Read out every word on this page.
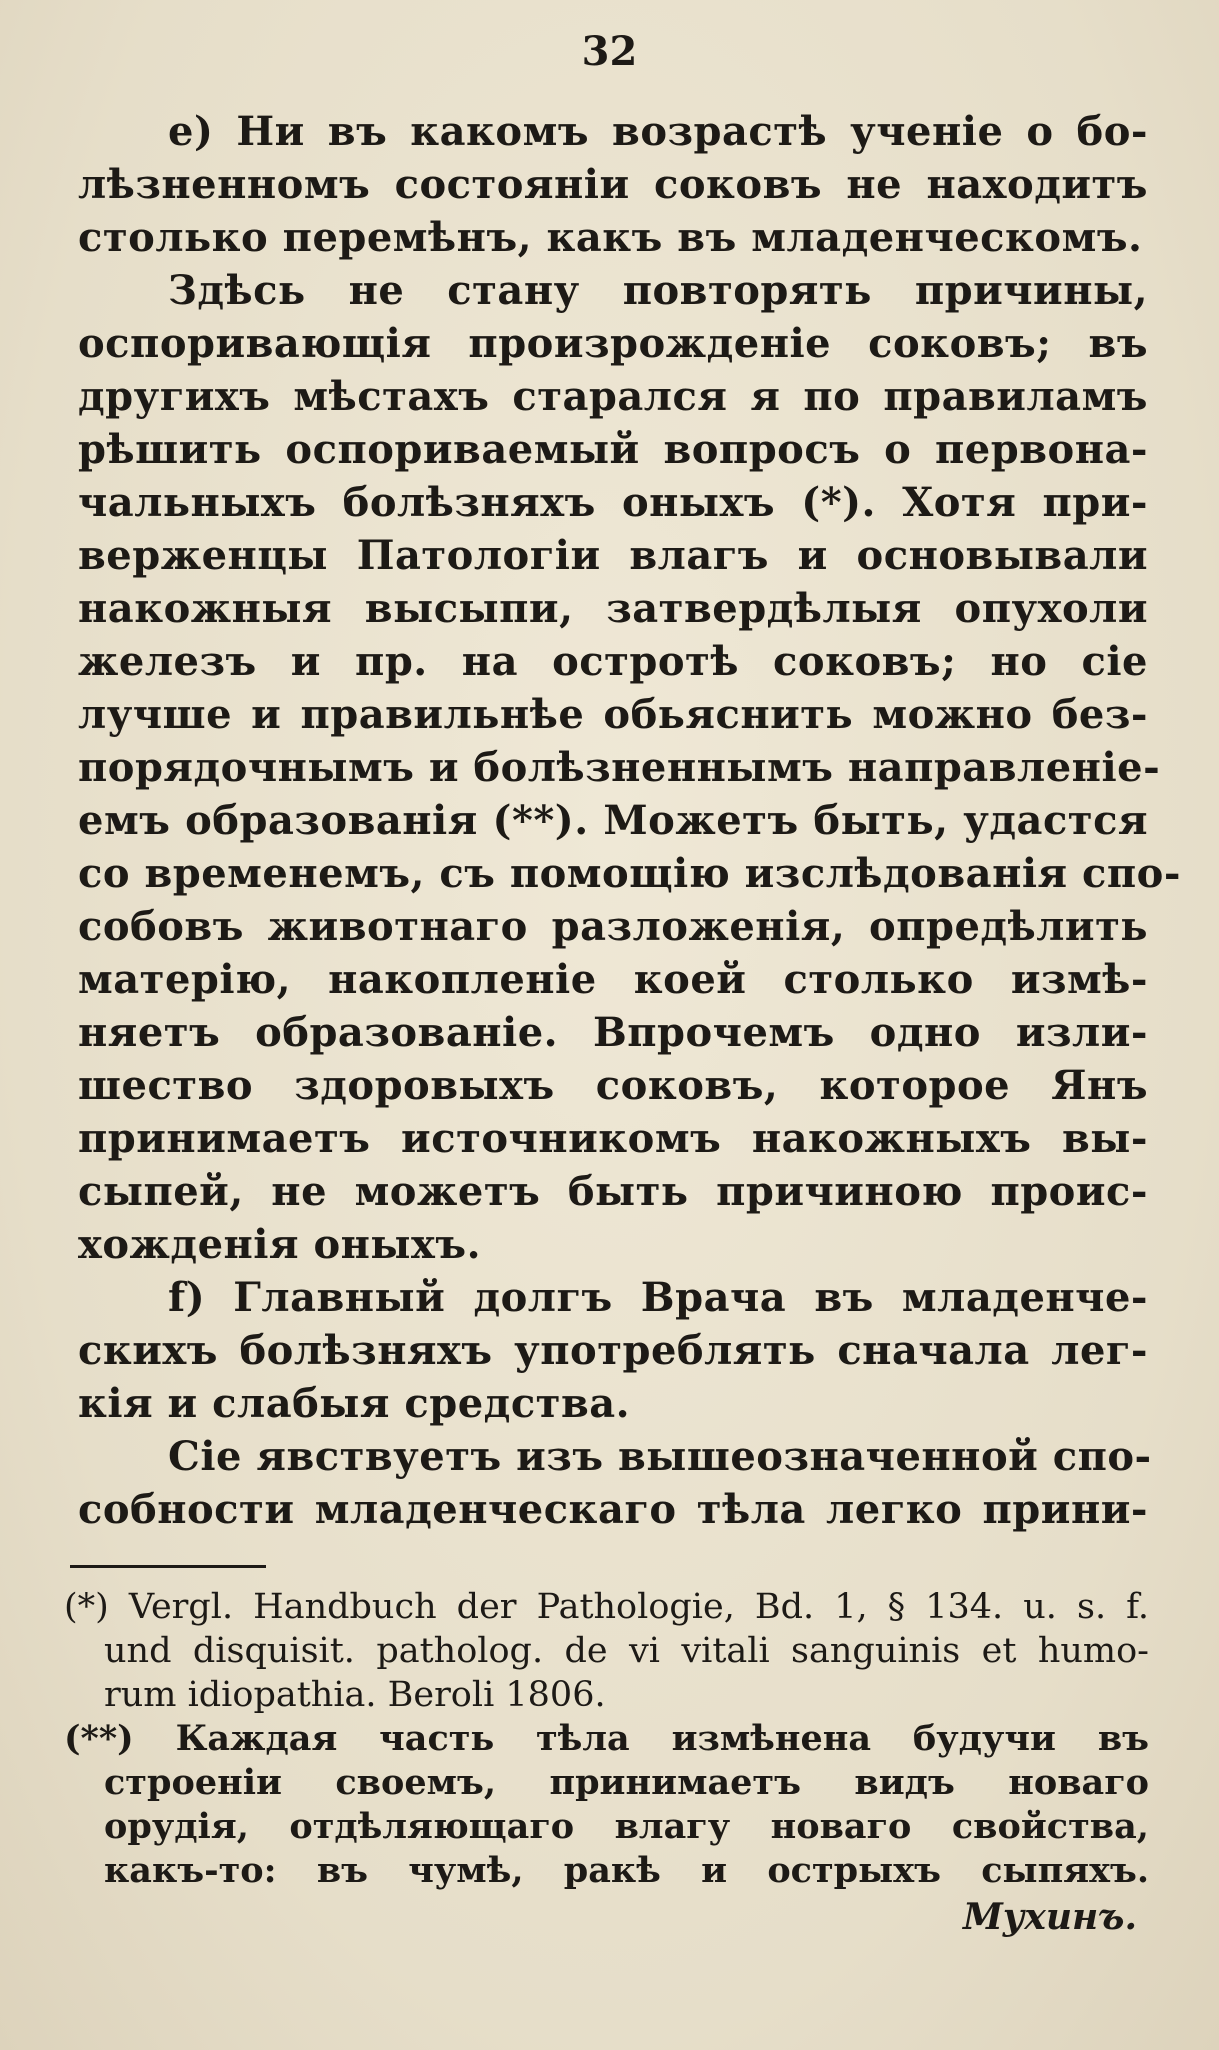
32
e) Ни въ какомъ возрастѣ ученіе о бо-
лѣзненномъ состояніи соковъ не находитъ
столько перемѣнъ, какъ въ младенческомъ.
Здѣсь не стану повторять причины,
оспоривающія произрожденіе соковъ; въ
другихъ мѣстахъ старался я по правиламъ
рѣшить оспориваемый вопросъ о первона-
чальныхъ болѣзняхъ оныхъ (*). Хотя при-
верженцы Патологіи влагъ и основывали
накожныя высыпи, затвердѣлыя опухоли
железъ и пр. на остротѣ соковъ; но сіе
лучше и правильнѣе обьяснить можно без-
порядочнымъ и болѣзненнымъ направленіе-
емъ образованія (**). Можетъ быть, удастся
со временемъ, съ помощію изслѣдованія спо-
собовъ животнаго разложенія, опредѣлить
матерію, накопленіе коей столько измѣ-
няетъ образованіе. Впрочемъ одно изли-
шество здоровыхъ соковъ, которое Янъ
принимаетъ источникомъ накожныхъ вы-
сыпей, не можетъ быть причиною проис-
хожденія оныхъ.
f) Главный долгъ Врача въ младенче-
скихъ болѣзняхъ употреблять сначала лег-
кія и слабыя средства.
Сіе явствуетъ изъ вышеозначенной спо-
собности младенческаго тѣла легко прини-
(*) Vergl. Handbuch der Pathologie, Bd. 1, § 134. u. s. f.
und disquisit. patholog. de vi vitali sanguinis et humo-
rum idiopathia. Beroli 1806.
(**) Каждая часть тѣла измѣнена будучи въ
строеніи своемъ, принимаетъ видъ новаго
орудія, отдѣляющаго влагу новаго свойства,
какъ-то: въ чумѣ, ракѣ и острыхъ сыпяхъ.
Мухинъ.
